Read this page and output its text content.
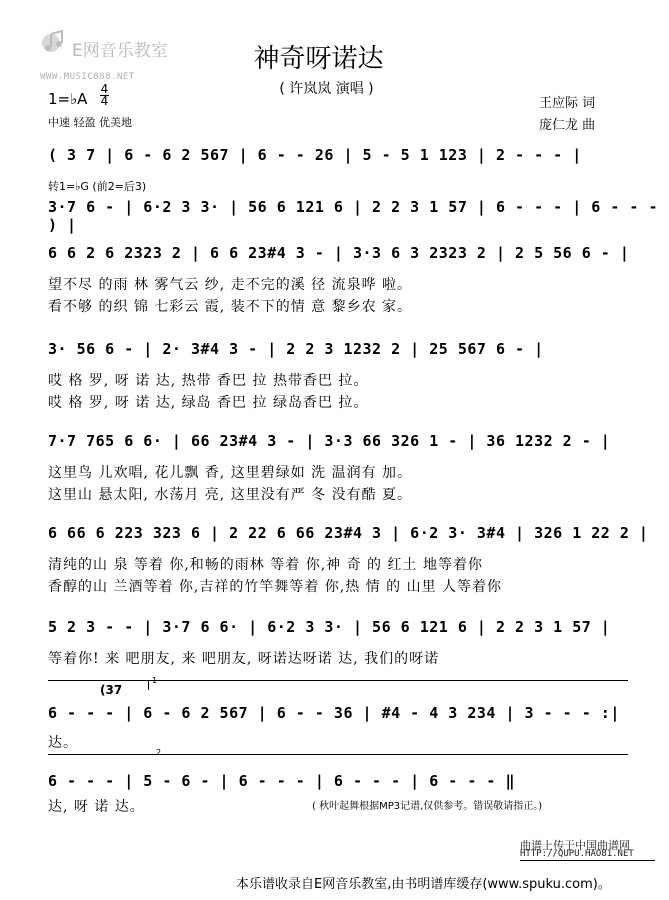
E网音乐教室
WWW.MUSIC888.NET
神奇呀诺达
( 许岚岚 演唱 )
1=♭A
4
4
中速 轻盈 优美地
王应际 词
庞仁龙 曲
( 3 7 | 6 - 6 2 567 | 6 - - 26 | 5 - 5 1 123 | 2 - - - |
转1=♭G (前2=后3)
3·7 6 - | 6·2 3 3· | 56 6 121 6 | 2 2 3 1 57 | 6 - - - | 6 - - - ) |
6 6 2 6 2323 2 | 6 6 23#4 3 - | 3·3 6 3 2323 2 | 2 5 56 6 - |
望不尽 的雨 林 雾气云 纱, 走不完的溪 径 流泉哗 啦。
看不够 的织 锦 七彩云 霞, 装不下的情 意 黎乡农 家。
3· 56 6 - | 2· 3#4 3 - | 2 2 3 1232 2 | 25 567 6 - |
哎 格 罗, 呀 诺 达, 热带 香巴 拉 热带香巴 拉。
哎 格 罗, 呀 诺 达, 绿岛 香巴 拉 绿岛香巴 拉。
7·7 765 6 6· | 66 23#4 3 - | 3·3 66 326 1 - | 36 1232 2 - |
这里鸟 儿欢唱, 花儿飘 香, 这里碧绿如 洗 温润有 加。
这里山 悬太阳, 水荡月 亮, 这里没有严 冬 没有酷 夏。
6 66 6 223 323 6 | 2 22 6 66 23#4 3 | 6·2 3· 3#4 | 326 1 22 2 |
清纯的山 泉 等着 你,和畅的雨林 等着 你,神 奇 的 红土 地等着你
香醇的山 兰酒等着 你,吉祥的竹竿舞等着 你,热 情 的 山里 人等着你
5 2 3 - - | 3·7 6 6· | 6·2 3 3· | 56 6 121 6 | 2 2 3 1 57 |
等着你! 来 吧朋友, 来 吧朋友, 呀诺达呀诺 达, 我们的呀诺
1
(37
6 - - - | 6 - 6 2 567 | 6 - - 36 | #4 - 4 3 234 | 3 - - - :|
达。
2
6 - - - | 5 - 6 - | 6 - - - | 6 - - - | 6 - - - ‖
达, 呀 诺 达。	( 秋叶起舞根据MP3记谱,仅供参考。错误敬请指正。)
曲谱上传于中国曲谱网
HTTP://QUPU.HAO81.NET
本乐谱收录自E网音乐教室,由书明谱库缓存(www.spuku.com)。
